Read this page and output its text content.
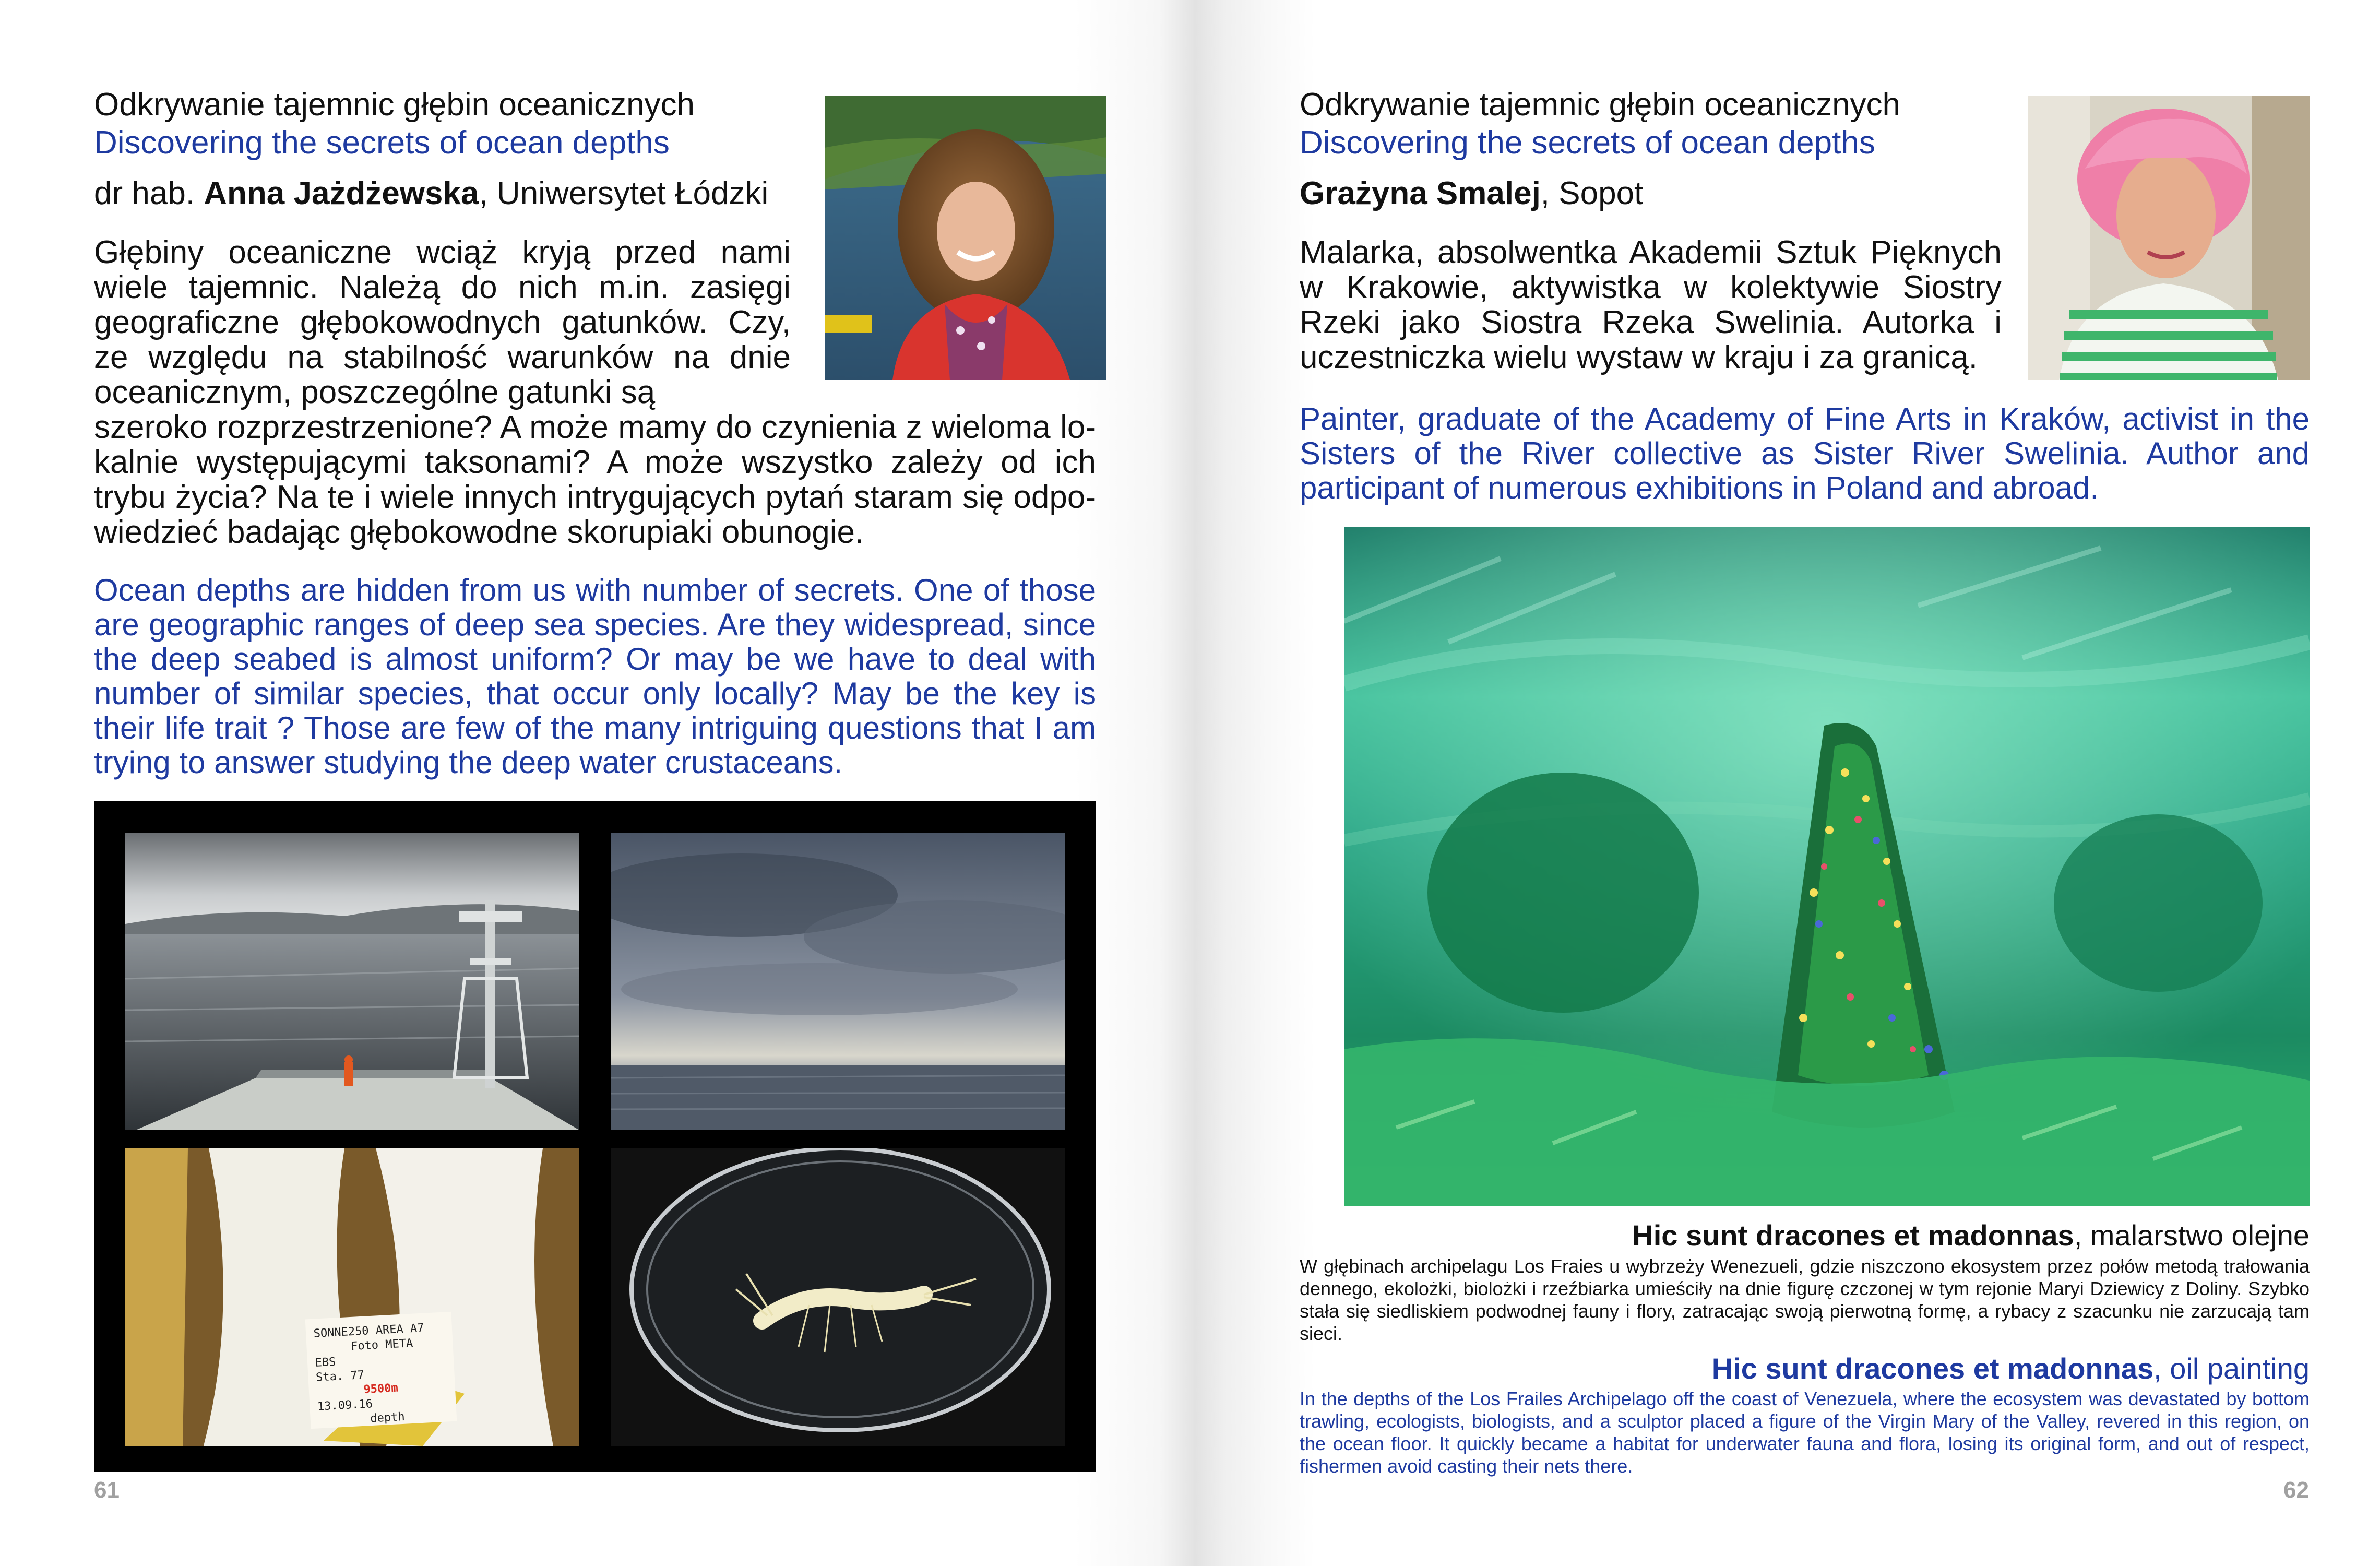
Odkrywanie tajemnic głębin oceanicznych
Discovering the secrets of ocean depths
dr hab. Anna Jażdżewska, Uniwersytet Łódzki
Głębiny oceaniczne wciąż kryją przed nami wiele tajemnic. Należą do nich m.in. zasięgi geograficzne głębokowodnych gatunków. Czy, ze względu na stabilność warunków na dnie oceanicznym, poszczególne gatunki są
szeroko rozprzestrzenione? A może mamy do czynienia z wieloma lo-kalnie występującymi taksonami? A może wszystko zależy od ich trybu życia? Na te i wiele innych intrygujących pytań staram się odpo-wiedzieć badając głębokowodne skorupiaki obunogie.
Ocean depths are hidden from us with number of secrets. One of those are geographic ranges of deep sea species. Are they widespread, since the deep seabed is almost uniform? Or may be we have to deal with number of similar species, that occur only locally? May be the key is their life trait ? Those are few of the many intriguing questions that I am trying to answer studying the deep water crustaceans.
SONNE250 AREA A7
Foto META
EBS
Sta. 77
9500m
13.09.16
depth
61
Odkrywanie tajemnic głębin oceanicznych
Discovering the secrets of ocean depths
Grażyna Smalej, Sopot
Malarka, absolwentka Akademii Sztuk Pięknych w Krakowie, aktywistka w kolektywie Siostry Rzeki jako Siostra Rzeka Swelinia. Autorka i uczestniczka wielu wystaw w kraju i za granicą.
Painter, graduate of the Academy of Fine Arts in Kraków, activist in the Sisters of the River collective as Sister River Swelinia. Author and participant of numerous exhibitions in Poland and abroad.
Hic sunt dracones et madonnas, malarstwo olejne
W głębinach archipelagu Los Fraies u wybrzeży Wenezueli, gdzie niszczono ekosystem przez połów metodą trałowania dennego, ekolożki, biolożki i rzeźbiarka umieściły na dnie figurę czczonej w tym rejonie Maryi Dziewicy z Doliny. Szybko stała się siedliskiem podwodnej fauny i flory, zatracając swoją pierwotną formę, a rybacy z szacunku nie zarzucają tam sieci.
Hic sunt dracones et madonnas, oil painting
In the depths of the Los Frailes Archipelago off the coast of Venezuela, where the ecosystem was devastated by bottom trawling, ecologists, biologists, and a sculptor placed a figure of the Virgin Mary of the Valley, revered in this region, on the ocean floor. It quickly became a habitat for underwater fauna and flora, losing its original form, and out of respect, fishermen avoid casting their nets there.
62
